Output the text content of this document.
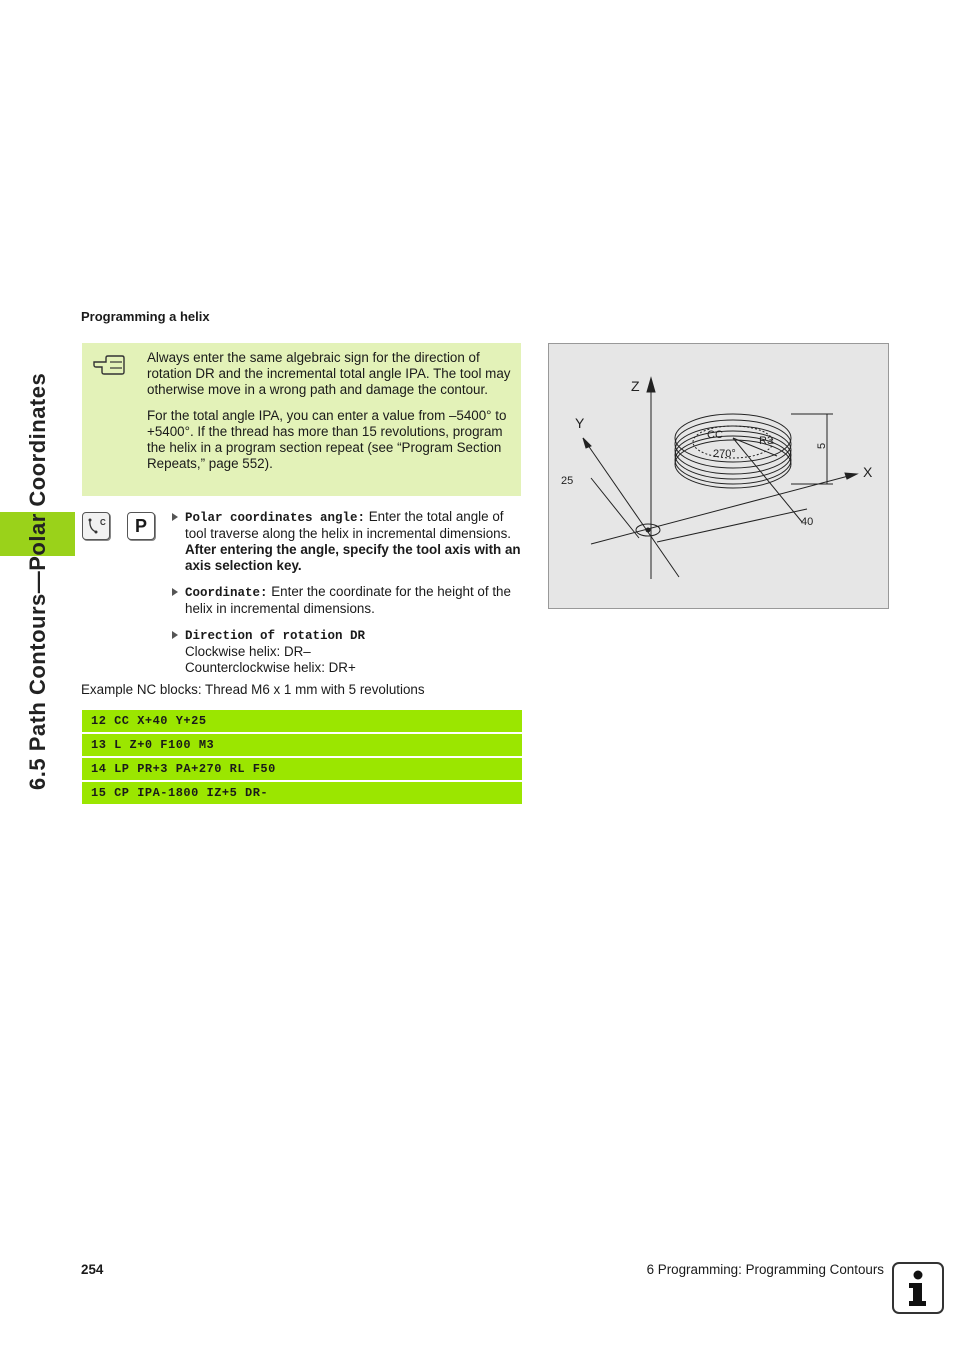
6.5 Path Contours—Polar Coordinates
Programming a helix

Always enter the same algebraic sign for the direction of rotation DR and the incremental total angle IPA. The tool may otherwise move in a wrong path and damage the contour.

For the total angle IPA, you can enter a value from –5400° to +5400°. If the thread has more than 15 revolutions, program the helix in a program section repeat (see “Program Section Repeats,” page 552).

C	P	Polar coordinates angle: Enter the total angle of tool traverse along the helix in incremental dimensions. After entering the angle, specify the tool axis with an axis selection key.
Coordinate: Enter the coordinate for the height of the helix in incremental dimensions.
Direction of rotation DR
Clockwise helix: DR–
Counterclockwise helix: DR+
Example NC blocks: Thread M6 x 1 mm with 5 revolutions
12 CC X+40 Y+25
13 L Z+0 F100 M3
14 LP PR+3 PA+270 RL F50
15 CP IPA-1800 IZ+5 DR-
Z
Y
X
CC	R3
270°
5
25
40
254	6 Programming: Programming Contours
